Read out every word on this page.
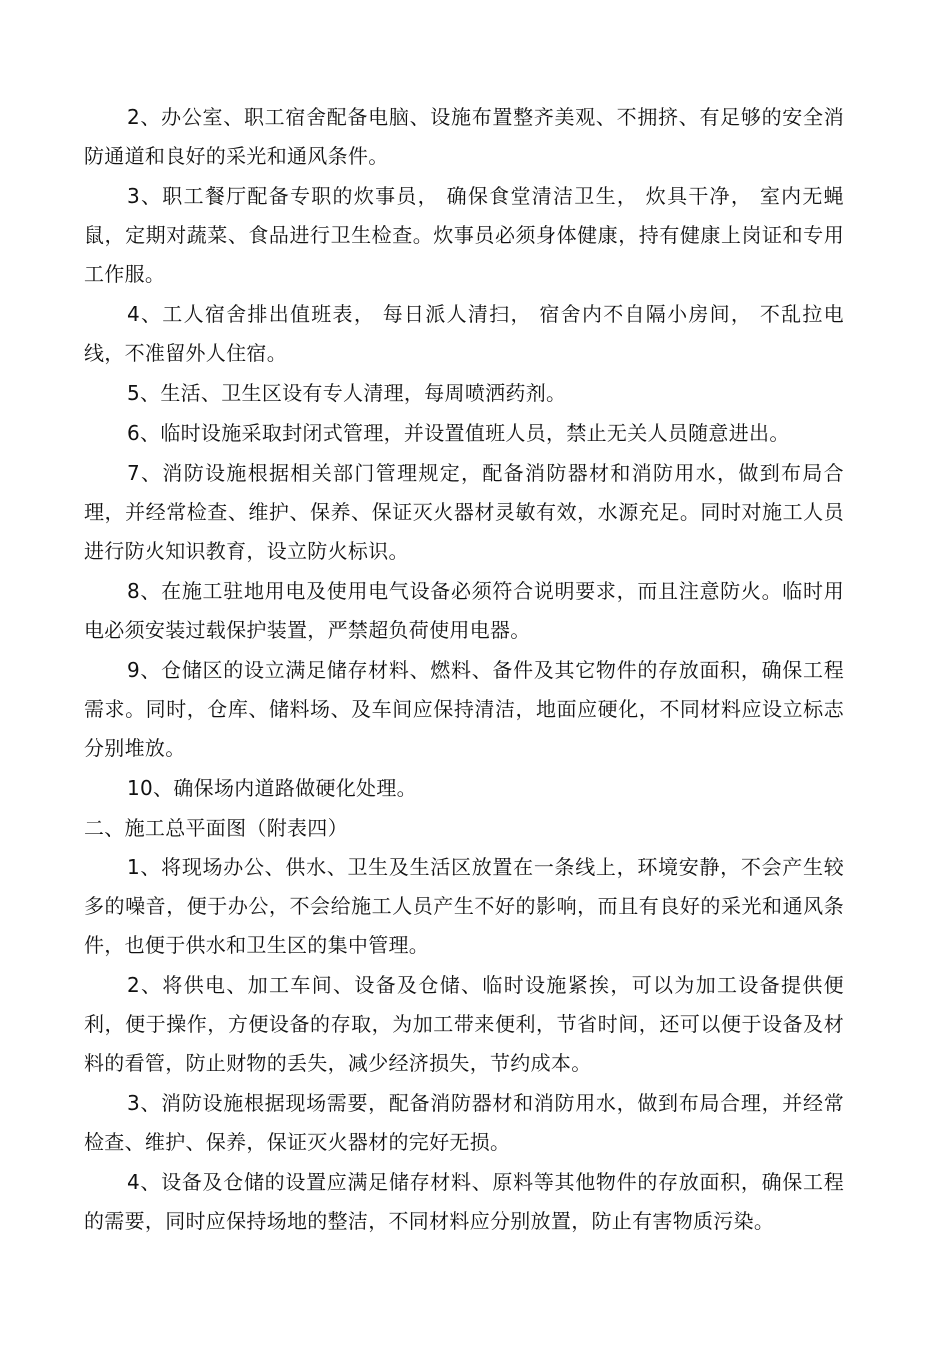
2、办公室、职工宿舍配备电脑、设施布置整齐美观、不拥挤、有足够的安全消防通道和良好的采光和通风条件。

3、职工餐厅配备专职的炊事员， 确保食堂清洁卫生， 炊具干净， 室内无蝇鼠，定期对蔬菜、食品进行卫生检查。炊事员必须身体健康，持有健康上岗证和专用工作服。

4、工人宿舍排出值班表， 每日派人清扫， 宿舍内不自隔小房间， 不乱拉电线，不准留外人住宿。

5、生活、卫生区设有专人清理，每周喷洒药剂。

6、临时设施采取封闭式管理，并设置值班人员，禁止无关人员随意进出。

7、消防设施根据相关部门管理规定，配备消防器材和消防用水，做到布局合理，并经常检查、维护、保养、保证灭火器材灵敏有效，水源充足。同时对施工人员进行防火知识教育，设立防火标识。

8、在施工驻地用电及使用电气设备必须符合说明要求，而且注意防火。临时用电必须安装过载保护装置，严禁超负荷使用电器。

9、仓储区的设立满足储存材料、燃料、备件及其它物件的存放面积，确保工程需求。同时，仓库、储料场、及车间应保持清洁，地面应硬化，不同材料应设立标志分别堆放。

10、确保场内道路做硬化处理。

二、施工总平面图（附表四）

1、将现场办公、供水、卫生及生活区放置在一条线上，环境安静，不会产生较多的噪音，便于办公，不会给施工人员产生不好的影响，而且有良好的采光和通风条件，也便于供水和卫生区的集中管理。

2、将供电、加工车间、设备及仓储、临时设施紧挨，可以为加工设备提供便利，便于操作，方便设备的存取，为加工带来便利，节省时间，还可以便于设备及材料的看管，防止财物的丢失，减少经济损失，节约成本。

3、消防设施根据现场需要，配备消防器材和消防用水，做到布局合理，并经常检查、维护、保养，保证灭火器材的完好无损。

4、设备及仓储的设置应满足储存材料、原料等其他物件的存放面积，确保工程的需要，同时应保持场地的整洁，不同材料应分别放置，防止有害物质污染。
